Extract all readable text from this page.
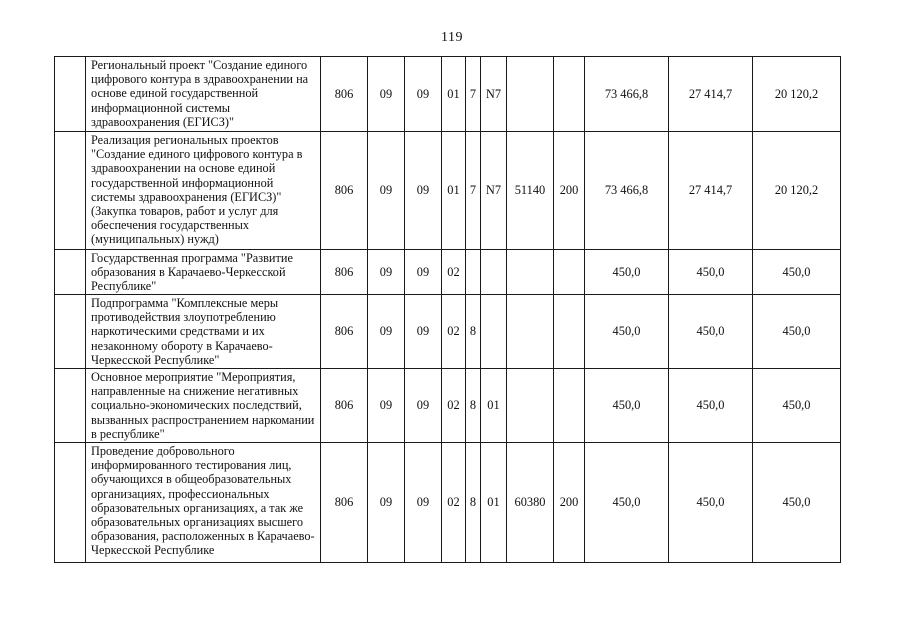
119
	Региональный проект "Создание единого цифрового контура в здравоохранении на основе единой государственной информационной системы здравоохранения (ЕГИСЗ)"	806	09	09	01	7	N7			73 466,8	27 414,7	20 120,2
	Реализация региональных проектов "Создание единого цифрового контура в здравоохранении на основе единой государственной информационной системы здравоохранения (ЕГИСЗ)" (Закупка товаров, работ и услуг для обеспечения государственных (муниципальных) нужд)	806	09	09	01	7	N7	51140	200	73 466,8	27 414,7	20 120,2
	Государственная программа "Развитие образования в Карачаево-Черкесской Республике"	806	09	09	02					450,0	450,0	450,0
	Подпрограмма "Комплексные меры противодействия злоупотреблению наркотическими средствами и их незаконному обороту в Карачаево-Черкесской Республике"	806	09	09	02	8				450,0	450,0	450,0
	Основное мероприятие "Мероприятия, направленные на снижение негативных социально-экономических последствий, вызванных распространением наркомании в республике"	806	09	09	02	8	01			450,0	450,0	450,0
	Проведение добровольного информированного тестирования лиц, обучающихся в общеобразовательных организациях, профессиональных образовательных организациях, а так же образовательных организациях высшего образования, расположенных в Карачаево-Черкесской Республике	806	09	09	02	8	01	60380	200	450,0	450,0	450,0
